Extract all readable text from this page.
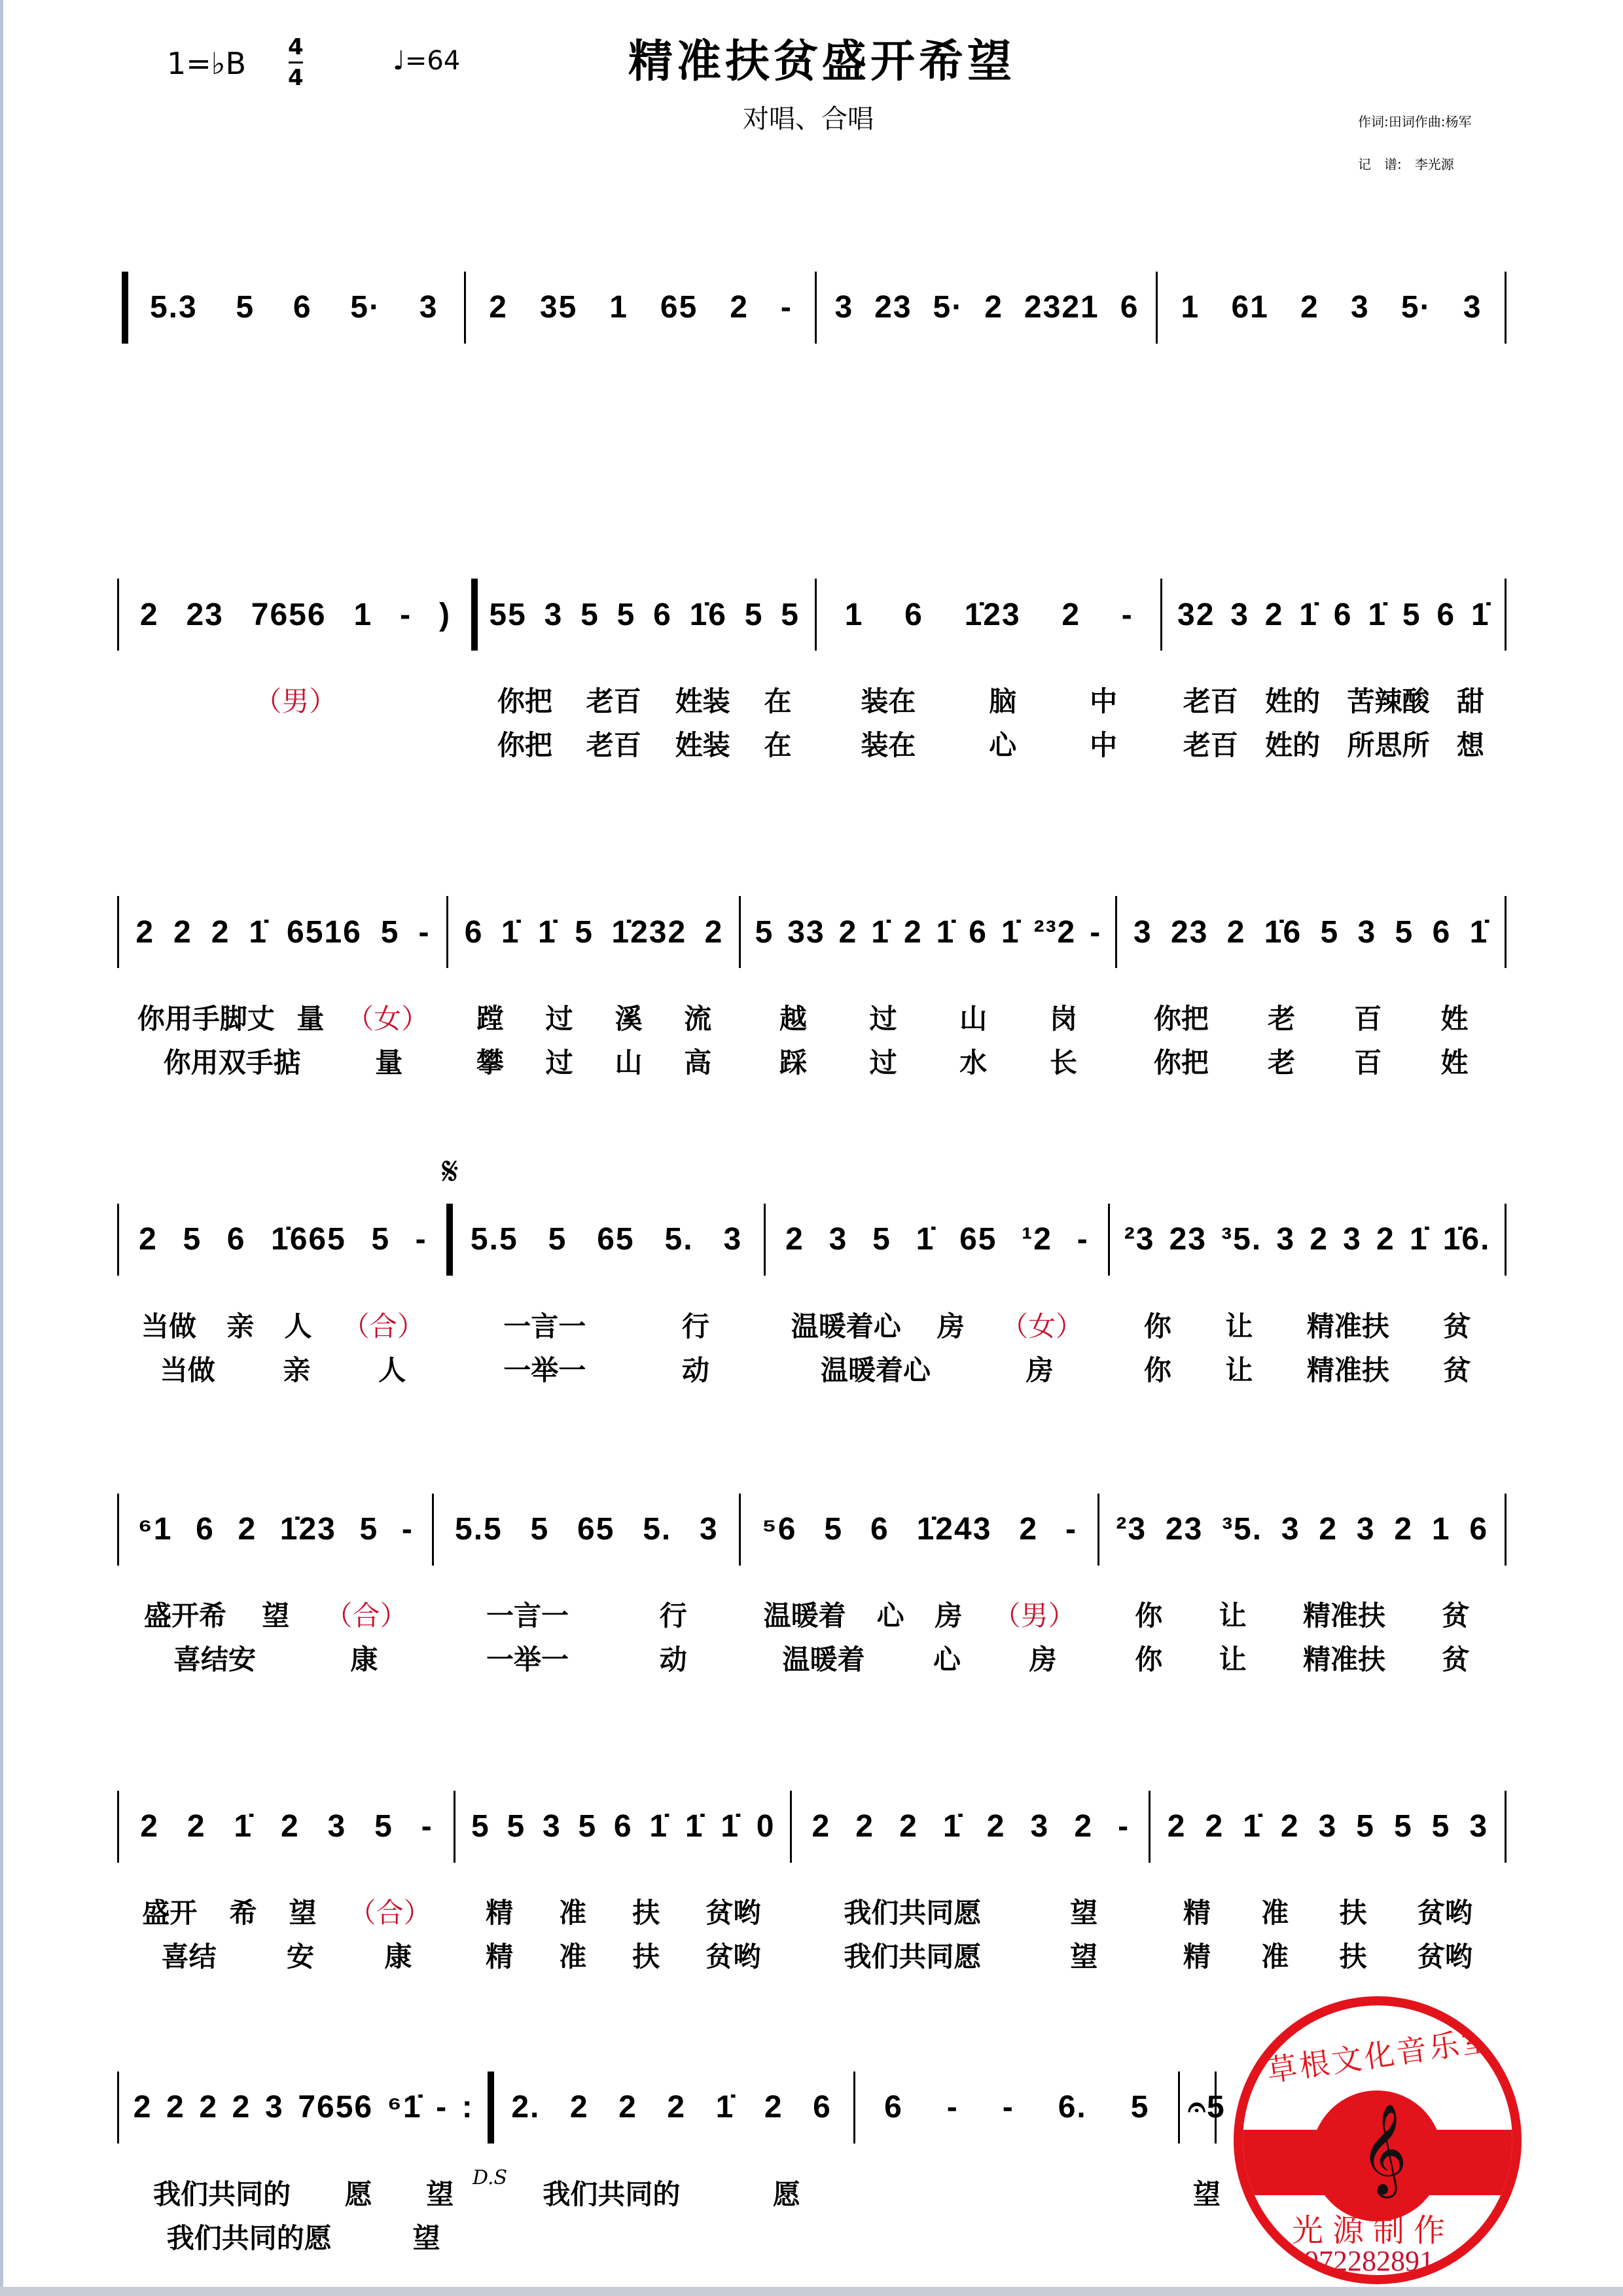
1=♭B 4
4
♩=64	精准扶贫盛开希望
对唱、合唱	作词:田词作曲:杨军
记　谱:　李光源
𝄋
D.S
5.3 5 6 5· 3 2 35 1 65 2 - 3 23 5· 2 2321 6 1 61 2 3 5· 3
2 23 7656 1 - ) 55 3 5 5 6 1̇6 5 5 1 6 1̇23 2 - 32 3 2 1̇ 6 1̇ 5 6 1̇
（男）	你把 老百 姓装 在	装在	脑	中 老百 姓的 苦辣酸 甜
你把 老百 姓装 在	装在	心	中 老百 姓的 所思所 想
2 2 2 1̇ 6516 5 - 6 1̇ 1̇ 5 1̇232 2 5 33 2 1̇ 2 1̇ 6 1̇ ²³2 - 3 23 2 1̇6 5 3 5 6 1̇
你用手脚丈 量 （女） 蹚 过 溪 流 越 过 山 岗	你把 老 百 姓
你用双手掂	量	攀 过 山 高 踩 过 水 长	你把 老 百 姓
2 5 6 1̇665 5 - 5.5 5 65 5. 3 2 3 5 1̇ 65 ¹2 - ²3 23 ³5. 3 2 3 2 1̇ 1̇6.
当做 亲 人 （合）	一言一	行	温暖着心 房 （女） 你 让 精准扶 贫
当做 亲 人	一举一	动	温暖着心	房	你 让 精准扶 贫
⁶1 6 2 1̇23 5 - 5.5 5 65 5. 3 ⁵6 5 6 1̇243 2 - ²3 23 ³5. 3 2 3 2 1 6
盛开希 望 （合）	一言一	行	温暖着 心 房 （男） 你 让 精准扶 贫
喜结安	康	一举一	动	温暖着 心 房	你 让 精准扶 贫
2 2 1̇ 2 3 5 - 5 5 3 5 6 1̇ 1̇ 1̇ 0 2 2 2 1̇ 2 3 2 - 2 2 1̇ 2 3 5 5 5 3
盛开 希 望 （合） 精 准 扶 贫哟	我们共同愿	望	精 准 扶 贫哟
喜结	安	康	精 准 扶 贫哟	我们共同愿	望	精 准 扶 贫哟
2 2 2 2 3 7656 ⁶1̇ - : 2. 2 2 2 1̇ 2 6 6 - - 6. 5 𝄐5
我们共同的 愿 望	我们共同的	愿	望
我们共同的愿	望
草根文化音乐室
𝄞
光源制作
15972282891
